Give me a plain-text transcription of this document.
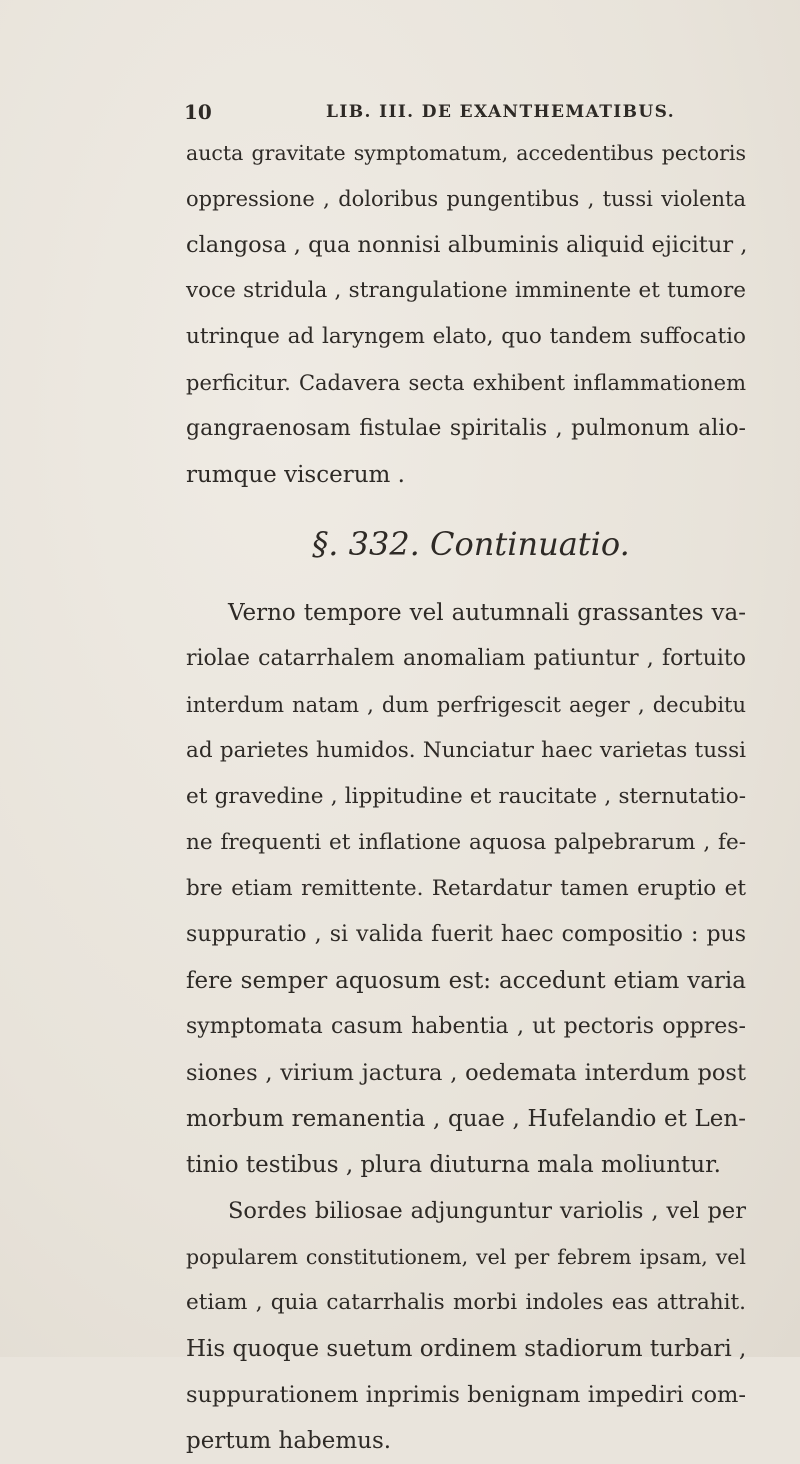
10	LIB. III. DE EXANTHEMATIBUS.
aucta gravitate symptomatum, accedentibus pectoris
oppressione , doloribus pungentibus , tussi violenta
clangosa , qua nonnisi albuminis aliquid ejicitur ,
voce stridula , strangulatione imminente et tumore
utrinque ad laryngem elato, quo tandem suffocatio
perficitur. Cadavera secta exhibent inflammationem
gangraenosam fistulae spiritalis , pulmonum alio-
rumque viscerum .
§. 332. Continuatio.
Verno tempore vel autumnali grassantes va-
riolae catarrhalem anomaliam patiuntur , fortuito
interdum natam , dum perfrigescit aeger , decubitu
ad parietes humidos. Nunciatur haec varietas tussi
et gravedine , lippitudine et raucitate , sternutatio-
ne frequenti et inflatione aquosa palpebrarum , fe-
bre etiam remittente. Retardatur tamen eruptio et
suppuratio , si valida fuerit haec compositio : pus
fere semper aquosum est: accedunt etiam varia
symptomata casum habentia , ut pectoris oppres-
siones , virium jactura , oedemata interdum post
morbum remanentia , quae , Hufelandio et Len-
tinio testibus , plura diuturna mala moliuntur.
Sordes biliosae adjunguntur variolis , vel per
popularem constitutionem, vel per febrem ipsam, vel
etiam , quia catarrhalis morbi indoles eas attrahit.
His quoque suetum ordinem stadiorum turbari ,
suppurationem inprimis benignam impediri com-
pertum habemus.
